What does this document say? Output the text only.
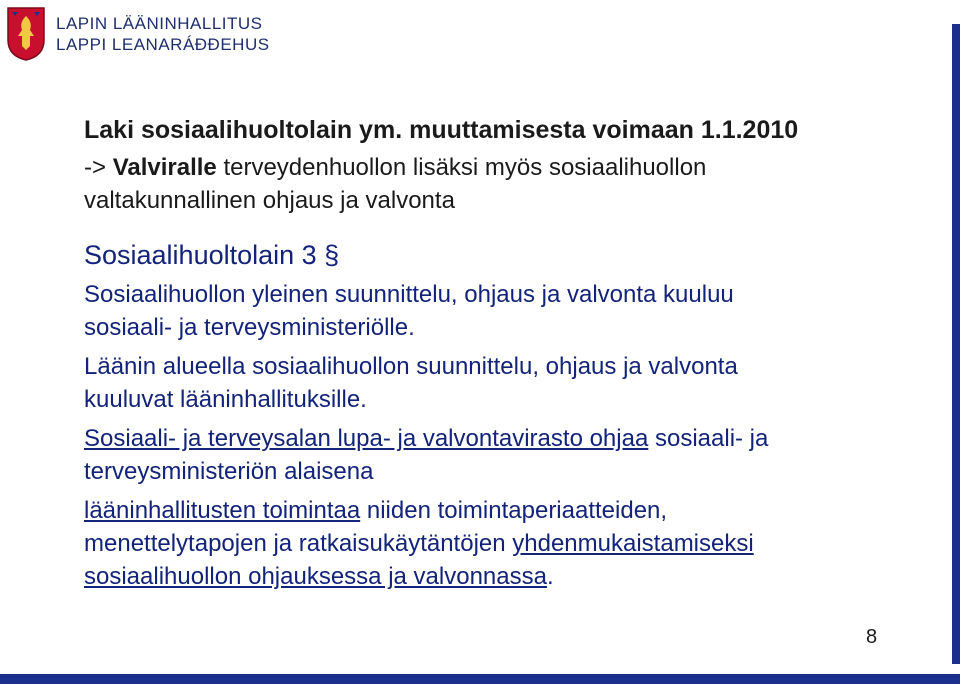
LAPIN LÄÄNINHALLITUS
LAPPI LEANARÁĐĐEHUS

Laki sosiaalihuoltolain ym. muuttamisesta voimaan 1.1.2010

-> Valviralle terveydenhuollon lisäksi myös sosiaalihuollon

valtakunnallinen ohjaus ja valvonta

Sosiaalihuoltolain 3 §

Sosiaalihuollon yleinen suunnittelu, ohjaus ja valvonta kuuluu

sosiaali- ja terveysministeriölle.

Läänin alueella sosiaalihuollon suunnittelu, ohjaus ja valvonta

kuuluvat lääninhallituksille.

Sosiaali- ja terveysalan lupa- ja valvontavirasto ohjaa sosiaali- ja

terveysministeriön alaisena

lääninhallitusten toimintaa niiden toimintaperiaatteiden,

menettelytapojen ja ratkaisukäytäntöjen yhdenmukaistamiseksi

sosiaalihuollon ohjauksessa ja valvonnassa.

8
